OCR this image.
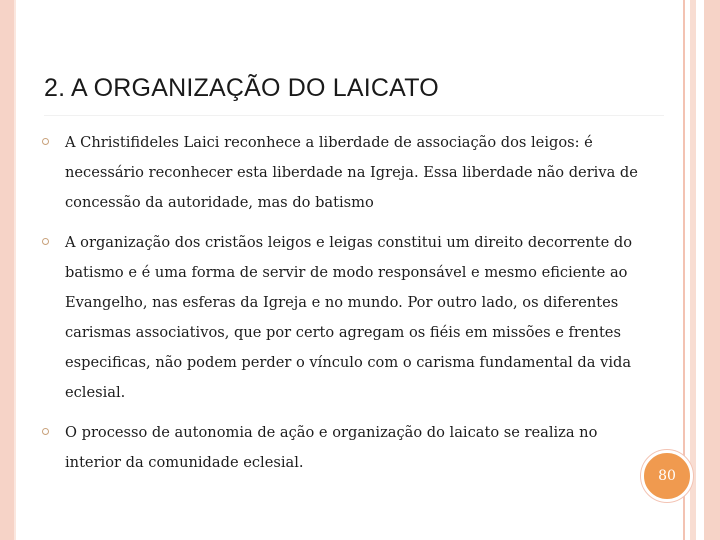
2. A ORGANIZAÇÃO DO LAICATO
A Christifideles Laici reconhece a liberdade de associação dos leigos: é necessário reconhecer esta liberdade na Igreja. Essa liberdade não deriva de concessão da autoridade, mas do batismo
A organização dos cristãos leigos e leigas constitui um direito decorrente do batismo e é uma forma de servir de modo responsável e mesmo eficiente ao Evangelho, nas esferas da Igreja e no mundo. Por outro lado, os diferentes carismas associativos, que por certo agregam os fiéis em missões e frentes especificas, não podem perder o vínculo com o carisma fundamental da vida eclesial.
O processo de autonomia de ação e organização do laicato se realiza no interior da comunidade eclesial.
80
